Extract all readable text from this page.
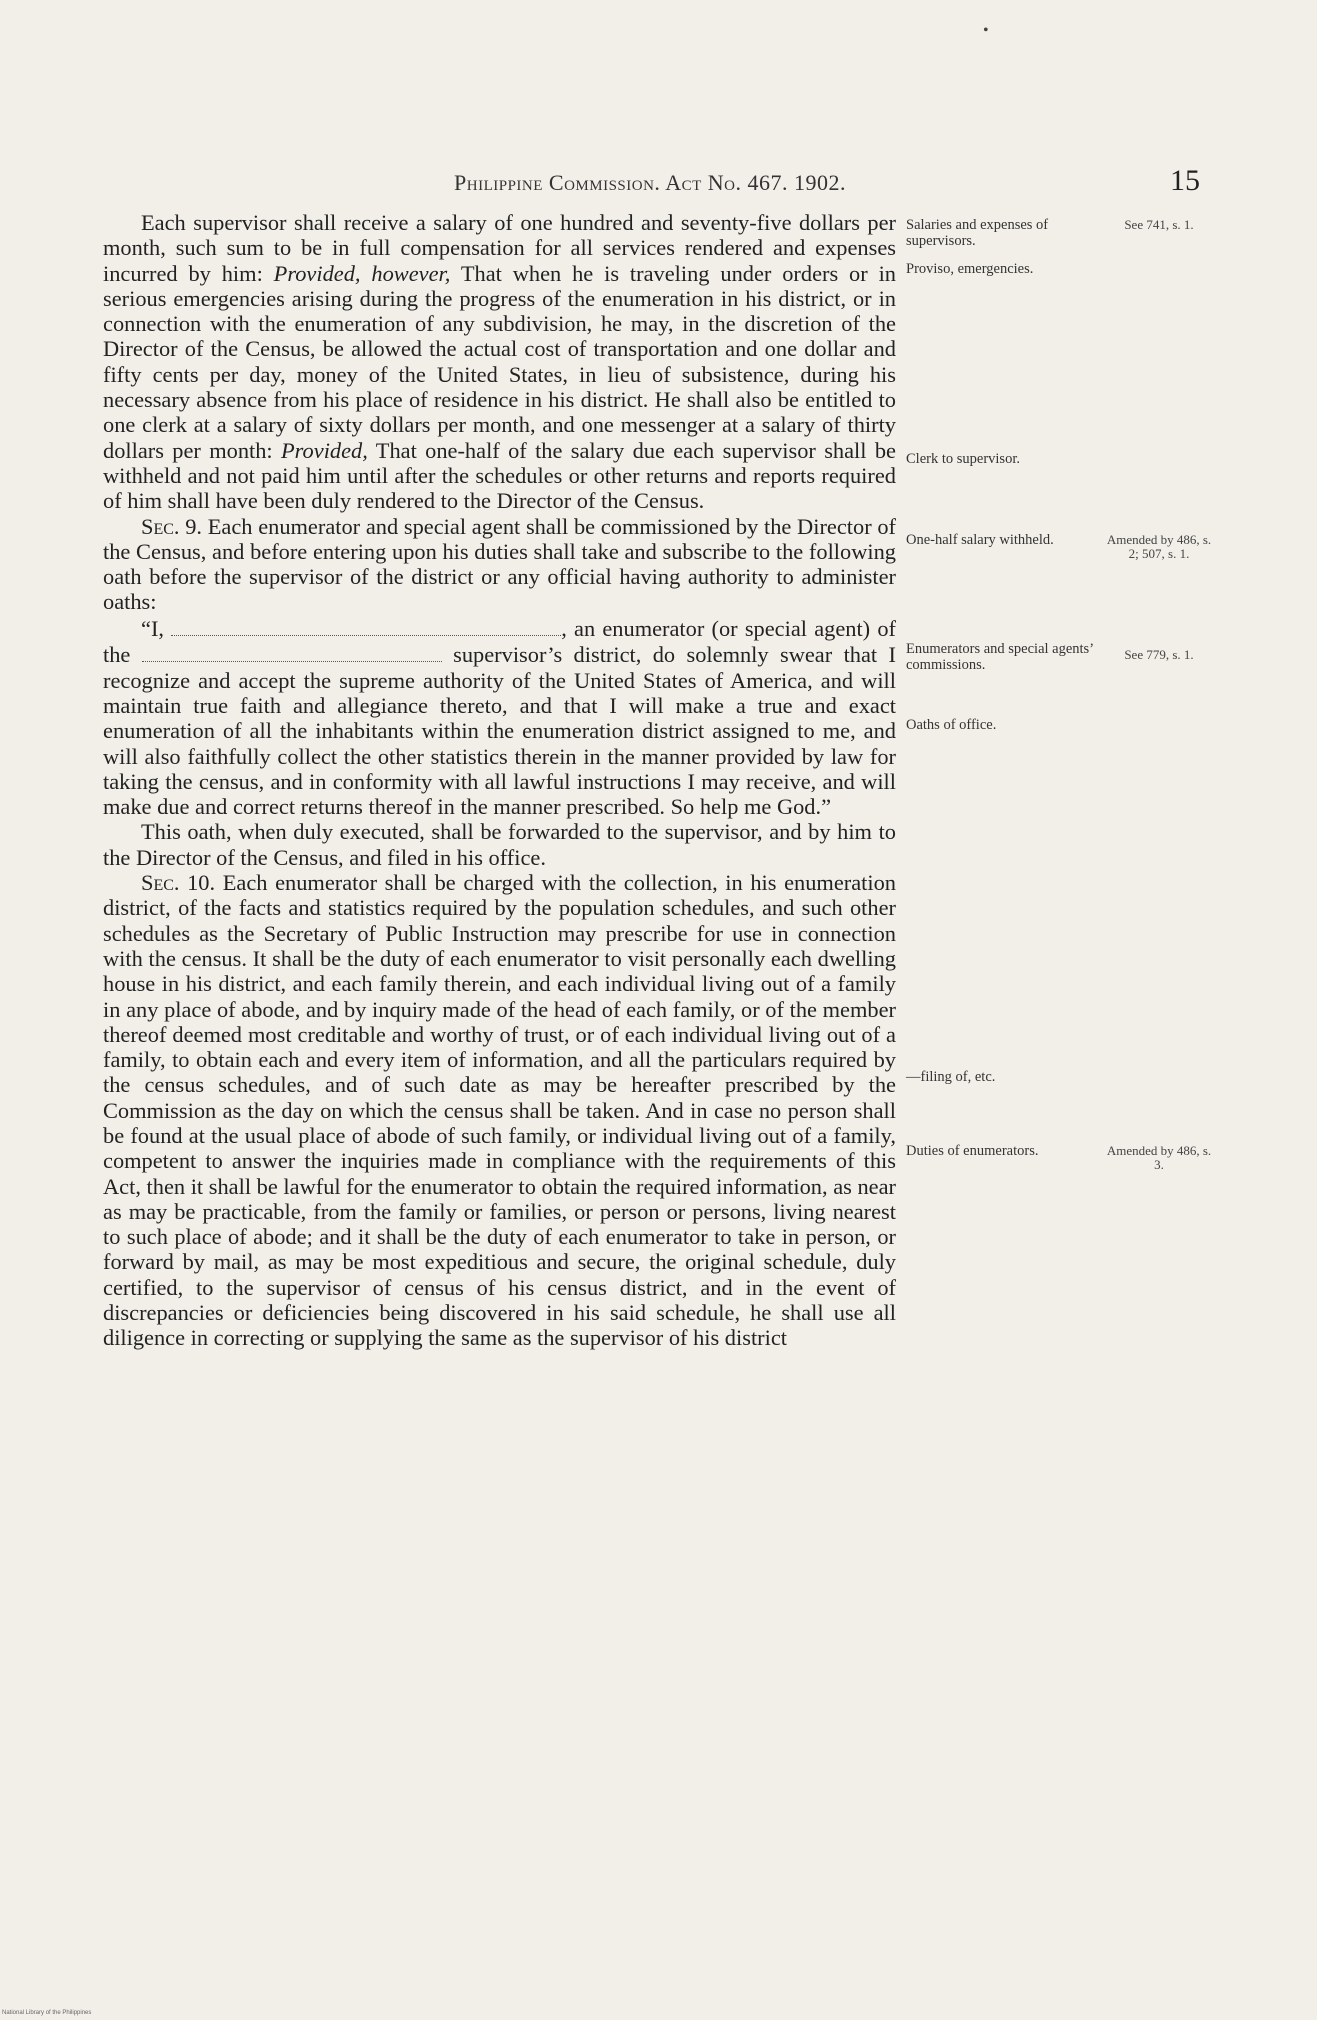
•
Philippine Commission. Act No. 467. 1902.	15

Each supervisor shall receive a salary of one hundred and seventy-five dollars per month, such sum to be in full compensation for all services rendered and expenses incurred by him: Provided, however, That when he is traveling under orders or in serious emergencies arising during the progress of the enumeration in his district, or in connection with the enumeration of any subdivision, he may, in the discretion of the Director of the Census, be allowed the actual cost of transportation and one dollar and fifty cents per day, money of the United States, in lieu of subsistence, during his necessary absence from his place of residence in his district. He shall also be entitled to one clerk at a salary of sixty dollars per month, and one messenger at a salary of thirty dollars per month: Provided, That one-half of the salary due each supervisor shall be withheld and not paid him until after the schedules or other returns and reports required of him shall have been duly rendered to the Director of the Census.

Sec. 9. Each enumerator and special agent shall be commissioned by the Director of the Census, and before entering upon his duties shall take and subscribe to the following oath before the supervisor of the district or any official having authority to administer oaths:

“I,	, an enumerator (or special agent) of the	supervisor’s district, do solemnly swear that I recognize and accept the supreme authority of the United States of America, and will maintain true faith and allegiance thereto, and that I will make a true and exact enumeration of all the inhabitants within the enumeration district assigned to me, and will also faithfully collect the other statistics therein in the manner provided by law for taking the census, and in conformity with all lawful instructions I may receive, and will make due and correct returns thereof in the manner prescribed. So help me God.”

This oath, when duly executed, shall be forwarded to the supervisor, and by him to the Director of the Census, and filed in his office.

Sec. 10. Each enumerator shall be charged with the collection, in his enumeration district, of the facts and statistics required by the population schedules, and such other schedules as the Secretary of Public Instruction may prescribe for use in connection with the census. It shall be the duty of each enumerator to visit personally each dwelling house in his district, and each family therein, and each individual living out of a family in any place of abode, and by inquiry made of the head of each family, or of the member thereof deemed most creditable and worthy of trust, or of each individual living out of a family, to obtain each and every item of information, and all the particulars required by the census schedules, and of such date as may be hereafter prescribed by the Commission as the day on which the census shall be taken. And in case no person shall be found at the usual place of abode of such family, or individual living out of a family, competent to answer the inquiries made in compliance with the requirements of this Act, then it shall be lawful for the enumerator to obtain the required information, as near as may be practicable, from the family or families, or person or persons, living nearest to such place of abode; and it shall be the duty of each enumerator to take in person, or forward by mail, as may be most expeditious and secure, the original schedule, duly certified, to the supervisor of census of his census district, and in the event of discrepancies or deficiencies being discovered in his said schedule, he shall use all diligence in correcting or supplying the same as the supervisor of his district

Salaries and expenses of supervisors.
Proviso, emergencies.
Clerk to supervisor.
One-half salary withheld.
Enumerators and special agents’ commissions.
Oaths of office.
—filing of, etc.
Duties of enumerators.
See 741, s. 1.
Amended by 486, s. 2; 507, s. 1.
See 779, s. 1.
Amended by 486, s. 3.
National Library of the Philippines
